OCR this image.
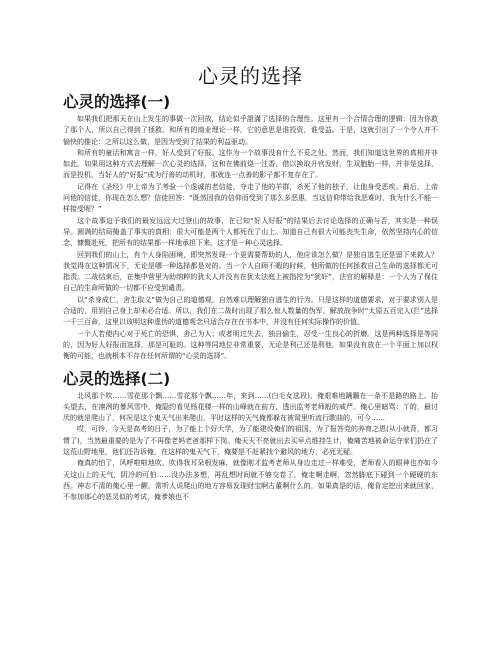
心灵的选择
心灵的选择(一)

如果我们把那天在山上发生的事做一次回放，结论似乎證滿了选择的合理性。这里有一个合情合理的逻辑：因为你救了那个人，所以自己得到了拯救。和所有的商业理论一样，它的意思是谁投资，谁受益。于是，这就引出了一个令人并不愉快的推论：之所以这么做，是因为受到了结果的利益驱动。

和所有的童话和寓言一样，好人受到了好报。这作为一个故事没有什么不妥之处。然而，我们知道这世界的真相并非如此。如果用这种方式去理解一次心灵的选择，这和在佛前烧一注香，借以换取升官发财，生双胞胎一样，并非是选择，而是投机。当好人的“好报”成为行善的动机时，那就连一点善的影子都不复存在了。

记得在《圣经》中上帝为了考验一个虔诚的老信徒，夺走了他的羊群，杀死了他的独子，让他身受恶疾。最后，上帝问他的信徒，你现在怎么想？信徒回答：“既然因我的信仰而受到了那么多恶惠，当这信仰带给我恶难时，我为什么不能一样接受呢？”

这个故事迫予我们的最发远远大过登山的故事，在已知“好人好报”的结果后去讨论选择的正确与否，其实是一种误导。圆满的结局掩盖了事实的真相：很大可能是两个人都死在了山上。知道自己有很大可能丧失生命，依然坚持内心的信念，慷慨赴死，把所有的结果都一样地承担下来，这才是一种心灵选择。

回到我们的山上，有个人身陷困境，即突然发现一个更需要帮助的人，他应该怎么做？是独自逃生还是留下来救人？我觉得在这种情况下，无论是哪一种选择都是对的。当一个人自顾不暇的时候，他所做的任何拯救自己生命的选择都无可指责。二战结束后，在集中营里为助纳粹的犹太人并没有在犹太法庭上被指控为“犹奸”，法官的解释是：一个人为了保住自己的生命所做的一切都不应受到谴责。

以“杀身成仁，舍生取义”做为自己的道德观，自然难以理解独自逃生的行为。只是这样的道德要求，对于要求别人是合适的，用到自己身上却未必合适。所以，我们在二战时出现了那么惊人数量的伪军，解放战争时“太原五百完人(拦”选择一千三百命，这里以该明这种虚伪的道德观念只适合存在在书本中，并没有任何实际操作的价值。

一个人若便内心对于死亡的恐惧，舍己为人；或者明过失去，独自偷生，忍受一生良心的折磨。这是两种选择是等同的，因为好人好报而选择，那是可耻的。这种等同地位非常重要，无论是利己还是利他，如果没有放在一个平面上加以权衡的可能，也就根本不存在任何所谓的“心灵的选择”。

心灵的选择(二)

北风那个吹……雪花那个飘……雪花那个飘……年，来到……(白毛女选段)，俺艰难地蹒跚在一条不是路的路上。抬头望去，在凛冽的暴风雪中，俺隐约看见杨花楼一样的山峰就在前方，透出监考老师般的威严。俺心里暗骂：丫的，最讨厌的就是爬山了，何况是这个鬼天气出来爬山，平时这样的天气俺都躲在被窝里听流行歌曲的，可今……

哎，可怜，今天是高考的日子，为了能上个好大学，为了能建设俺们的祖国，为了报答党的养育之恩(从小就背，都习惯了)，当然最重要的是为了不再像老妈老爸那样下岗。俺天天不亮就出去买早点维持生计，俺痛苦地被命运夺家们扔在了这荒山野地里，他们还告诉俺，在这样的鬼天气下，俺要是不赶紧找个避风的地方，必死无疑。

俺真的怕了，风呼啦啦地吹，吹得我耳朵根发麻，就像刚才监考老师从身边走过一样难受，老师看人的眼神也亦如今天这山上的天气，阴冷的可怕……没办法多想，再乱想时间就不够交卷了，俺走啊走啊，忽然脚底下碰到一个硬硬的东西。神志不清的俺心里一颤，常听人说爬山的地方容易发现财宝啊古董啊什么的，如果真是的话，俺肯定挖出来就回家，不参加那心的恶灵似的考试，俺爹娘也不
